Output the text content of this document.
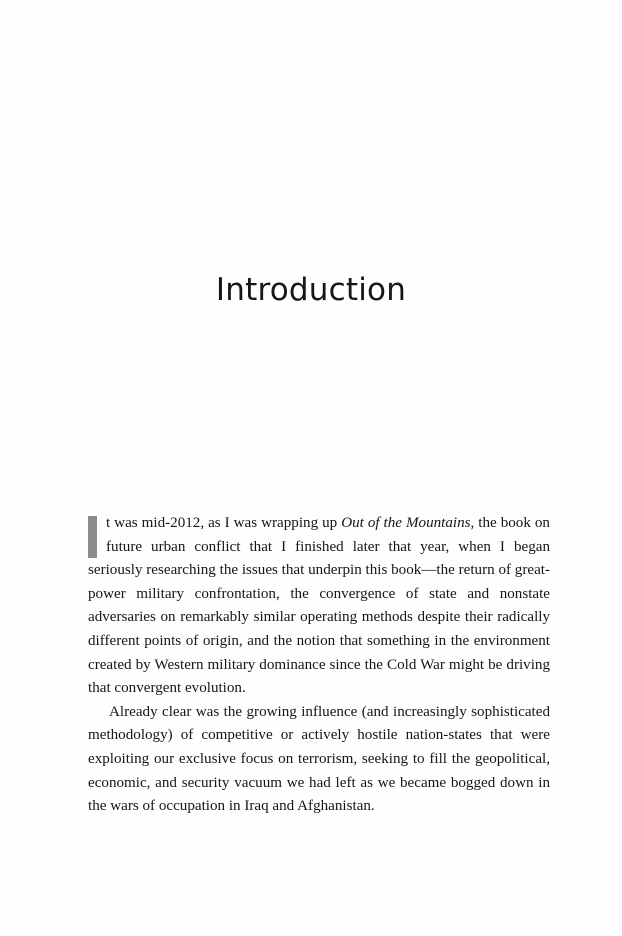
Introduction

t was mid-2012, as I was wrapping up Out of the Mountains, the book on future urban conflict that I finished later that year, when I began seriously researching the issues that underpin this book—the return of great-power military confrontation, the convergence of state and nonstate adversaries on remarkably similar operating methods despite their radically different points of origin, and the notion that something in the environment created by Western military dominance since the Cold War might be driving that convergent evolution.

Already clear was the growing influence (and increasingly sophisticated methodology) of competitive or actively hostile nation-states that were exploiting our exclusive focus on terrorism, seeking to fill the geopolitical, economic, and security vacuum we had left as we became bogged down in the wars of occupation in Iraq and Afghanistan.
